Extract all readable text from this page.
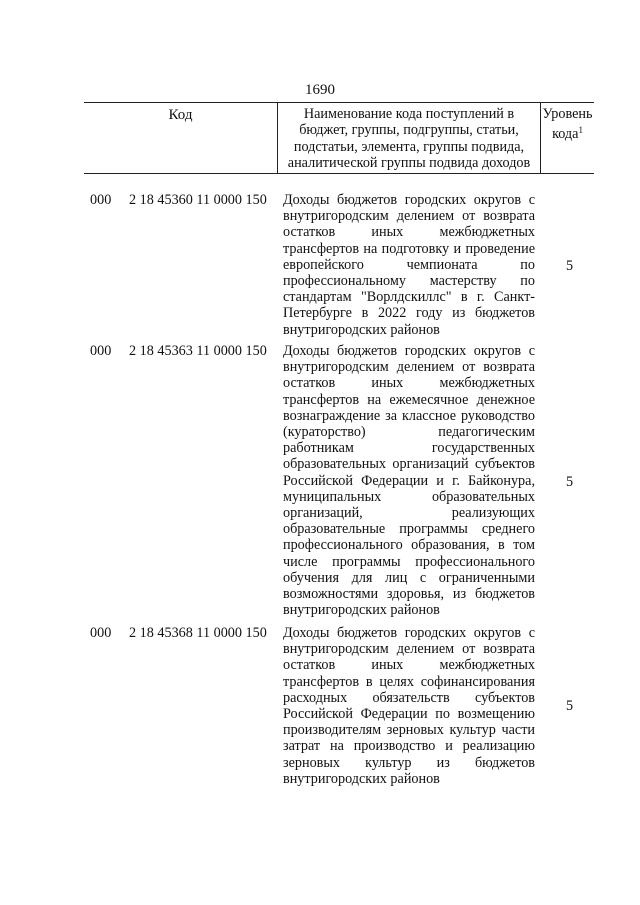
1690
Код	Наименование кода поступлений в бюджет, группы, подгруппы, статьи, подстатьи, элемента, группы подвида, аналитической группы подвида доходов
Уровень кода$^1$
000 2 18 45360 11 0000 150 Доходы бюджетов городских округов с внутригородским делением от возврата остатков иных межбюджетных трансфертов на подготовку и проведение европейского чемпионата по профессиональному мастерству по стандартам "Ворлдскиллс" в г. Санкт-Петербурге в 2022 году из бюджетов внутригородских районов
5
000 2 18 45363 11 0000 150 Доходы бюджетов городских округов с внутригородским делением от возврата остатков иных межбюджетных трансфертов на ежемесячное денежное вознаграждение за классное руководство (кураторство) педагогическим работникам государственных образовательных организаций субъектов Российской Федерации и г. Байконура, муниципальных образовательных организаций, реализующих образовательные программы среднего профессионального образования, в том числе программы профессионального обучения для лиц с ограниченными возможностями здоровья, из бюджетов внутригородских районов
5
000 2 18 45368 11 0000 150 Доходы бюджетов городских округов с внутригородским делением от возврата остатков иных межбюджетных трансфертов в целях софинансирования расходных обязательств субъектов Российской Федерации по возмещению производителям зерновых культур части затрат на производство и реализацию зерновых культур из бюджетов внутригородских районов
5
